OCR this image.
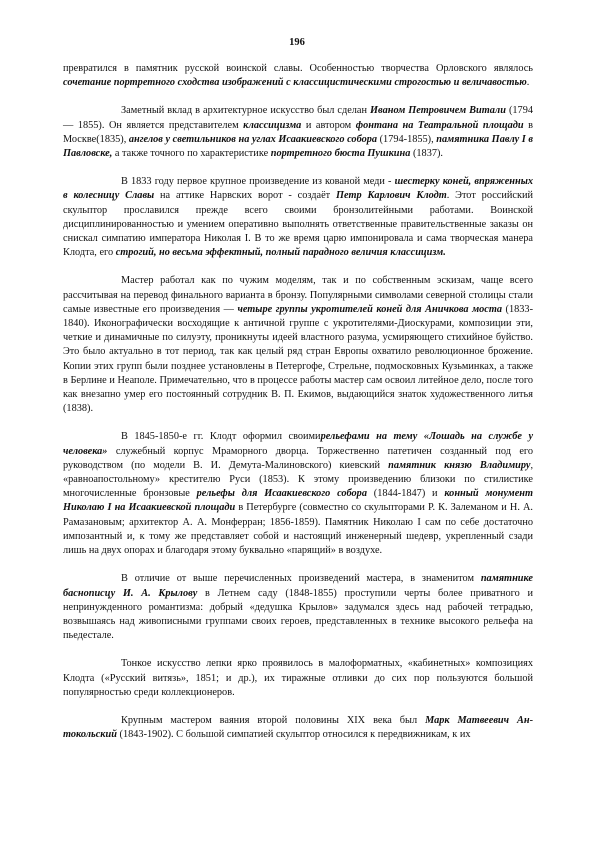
196

превратился в памятник русской воинской славы. Особенностью творчества Орловского являлось сочетание портретного сходства изображений с классицистическими строгостью и величавостью.

Заметный вклад в архитектурное искусство был сделан Иваном Петровичем Витали (1794 — 1855). Он является представителем классицизма и автором фонтана на Театральной площади в Москве(1835), ангелов у светильников на углах Исаакиевского собора (1794-1855), памятника Павлу I в Павловске, а также точного по характеристике портретного бюста Пушкина (1837).

В 1833 году первое крупное произведение из кованой меди - шестерку коней, впряженных в колесницу Славы на аттике Нарвских ворот - создаёт Петр Карлович Клодт. Этот российский скульптор прославился прежде всего своими бронзолитейными работами. Воинской дисциплинированностью и умением оперативно выполнять ответственные правительственные заказы он снискал симпатию императора Николая I. В то же время царю импонировала и сама творческая манера Клодта, его строгий, но весьма эффектный, полный парадного величия классицизм.

Мастер работал как по чужим моделям, так и по собственным эскизам, чаще всего рассчитывая на перевод финального варианта в бронзу. Популярными символами северной столицы стали самые известные его произведения — четыре группы укротителей коней для Аничкова моста (1833-1840). Иконографически восходящие к античной группе с укротителями-Диоскурами, композиции эти, четкие и динамичные по силуэту, проникнуты идеей властного разума, усмиряющего стихийное буйство. Это было актуально в тот период, так как целый ряд стран Европы охватило революционное брожение. Копии этих групп были позднее установлены в Петергофе, Стрельне, подмосковных Кузьминках, а также в Берлине и Неаполе. Примечательно, что в процессе работы мастер сам освоил литейное дело, после того как внезапно умер его постоянный сотрудник В. П. Екимов, выдающийся знаток художественного литья (1838).

В 1845-1850-е гг. Клодт оформил своимирельефами на тему «Лошадь на службе у человека» служебный корпус Мраморного дворца. Торжественно патетичен созданный под его руководством (по модели В. И. Демута-Малиновского) киевский памятник князю Владимиру, «равноапостольному» крестителю Руси (1853). К этому произведению близоки по стилистике многочисленные бронзовые рельефы для Исаакиевского собора (1844-1847) и конный монумент Николаю I на Исаакиевской площади в Петербурге (совместно со скульпторами Р. К. Залеманом и Н. А. Рамазановым; архитектор А. А. Монферран; 1856-1859). Памятник Николаю I сам по себе достаточно импозантный и, к тому же представляет собой и настоящий инженерный шедевр, укрепленный сзади лишь на двух опорах и благодаря этому буквально «парящий» в воздухе.

В отличие от выше перечисленных произведений мастера, в знаменитом памятнике баснописцу И. А. Крылову в Летнем саду (1848-1855) проступили черты более приватного и непринужденного романтизма: добрый «дедушка Крылов» задумался здесь над рабочей тетрадью, возвышаясь над живописными группами своих героев, представленных в технике высокого рельефа на пьедестале.

Тонкое искусство лепки ярко проявилось в малоформатных, «кабинетных» композициях Клодта («Русский витязь», 1851; и др.), их тиражные отливки до сих пор пользуются большой популярностью среди коллекционеров.

Крупным мастером ваяния второй половины XIX века был Марк Матвеевич Ан-токольский (1843-1902). С большой симпатией скульптор относился к передвижникам, к их
